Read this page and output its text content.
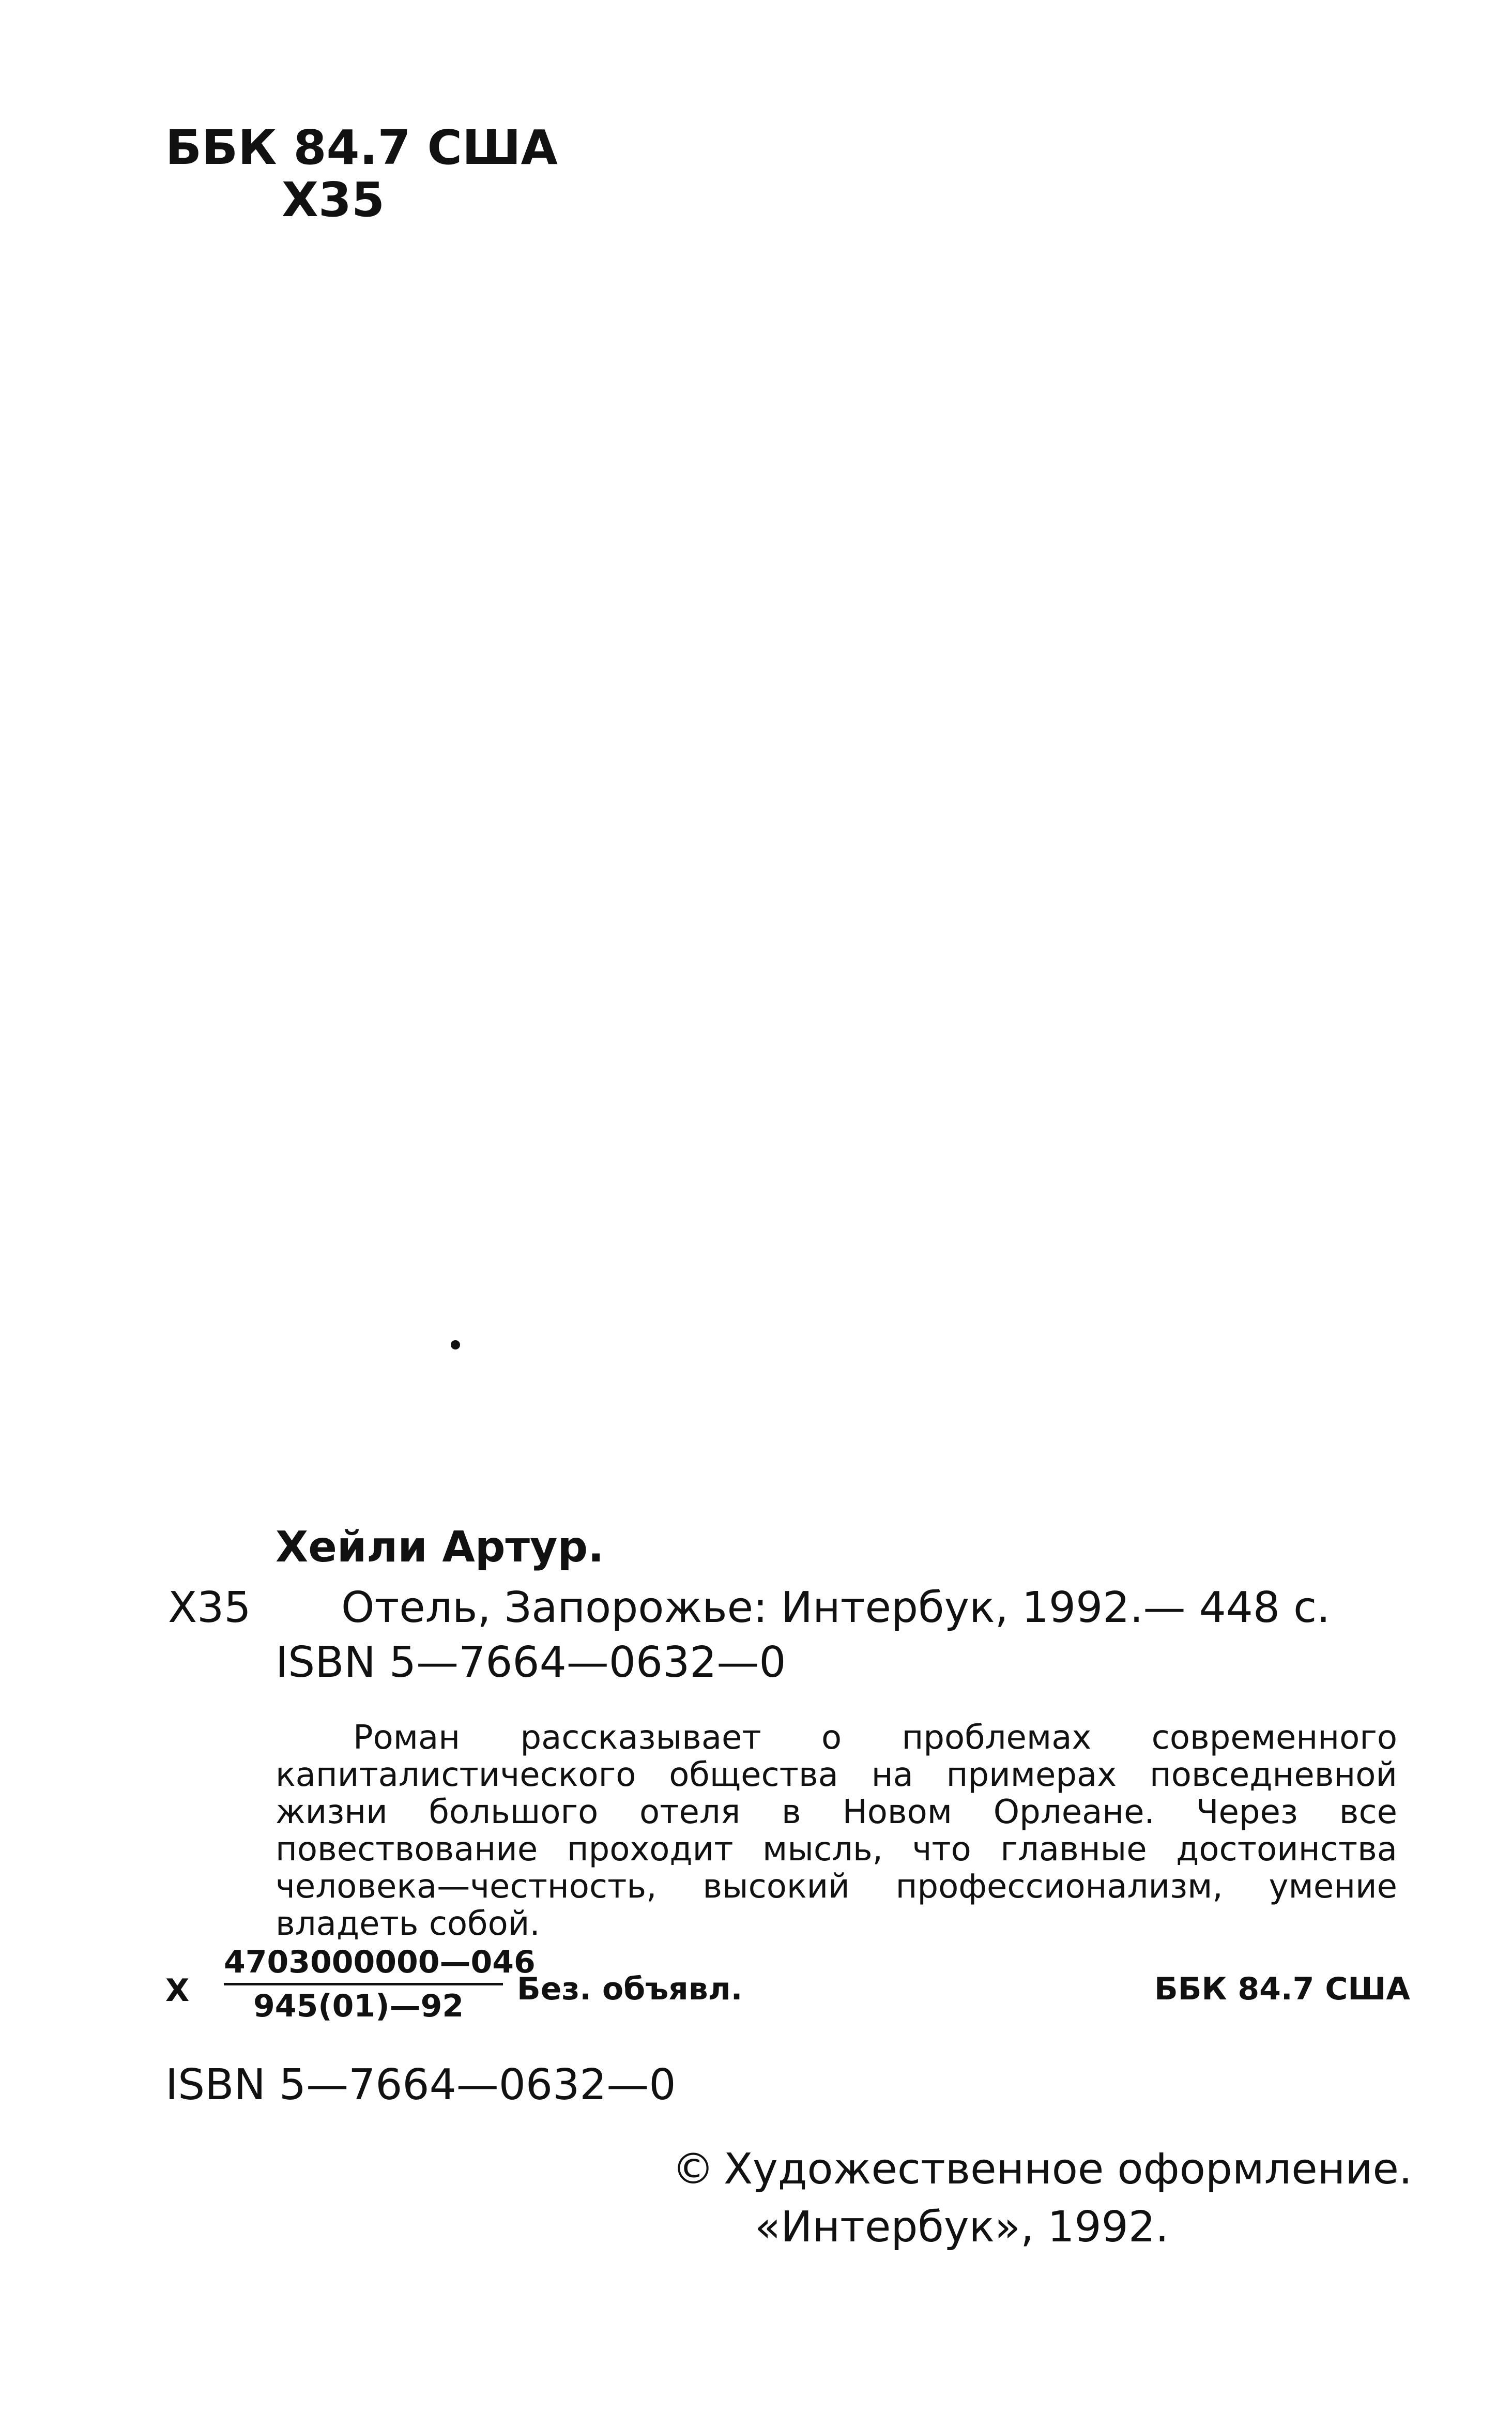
ББК 84.7 США
Х35
Хейли Артур.
Х35 Отель, Запорожье: Интербук, 1992.— 448 с.
ISBN 5—7664—0632—0

Роман рассказывает о проблемах современного капиталистического общества на примерах повседневной жизни большого отеля в Новом Орлеане. Через все повествование проходит мысль, что главные достоинства человека—честность, высокий профессионализм, умение владеть собой.

Х
4703000000—046
945(01)—92 Без. объявл.	ББК 84.7 США
ISBN 5—7664—0632—0
© Художественное оформление.
«Интербук», 1992.
